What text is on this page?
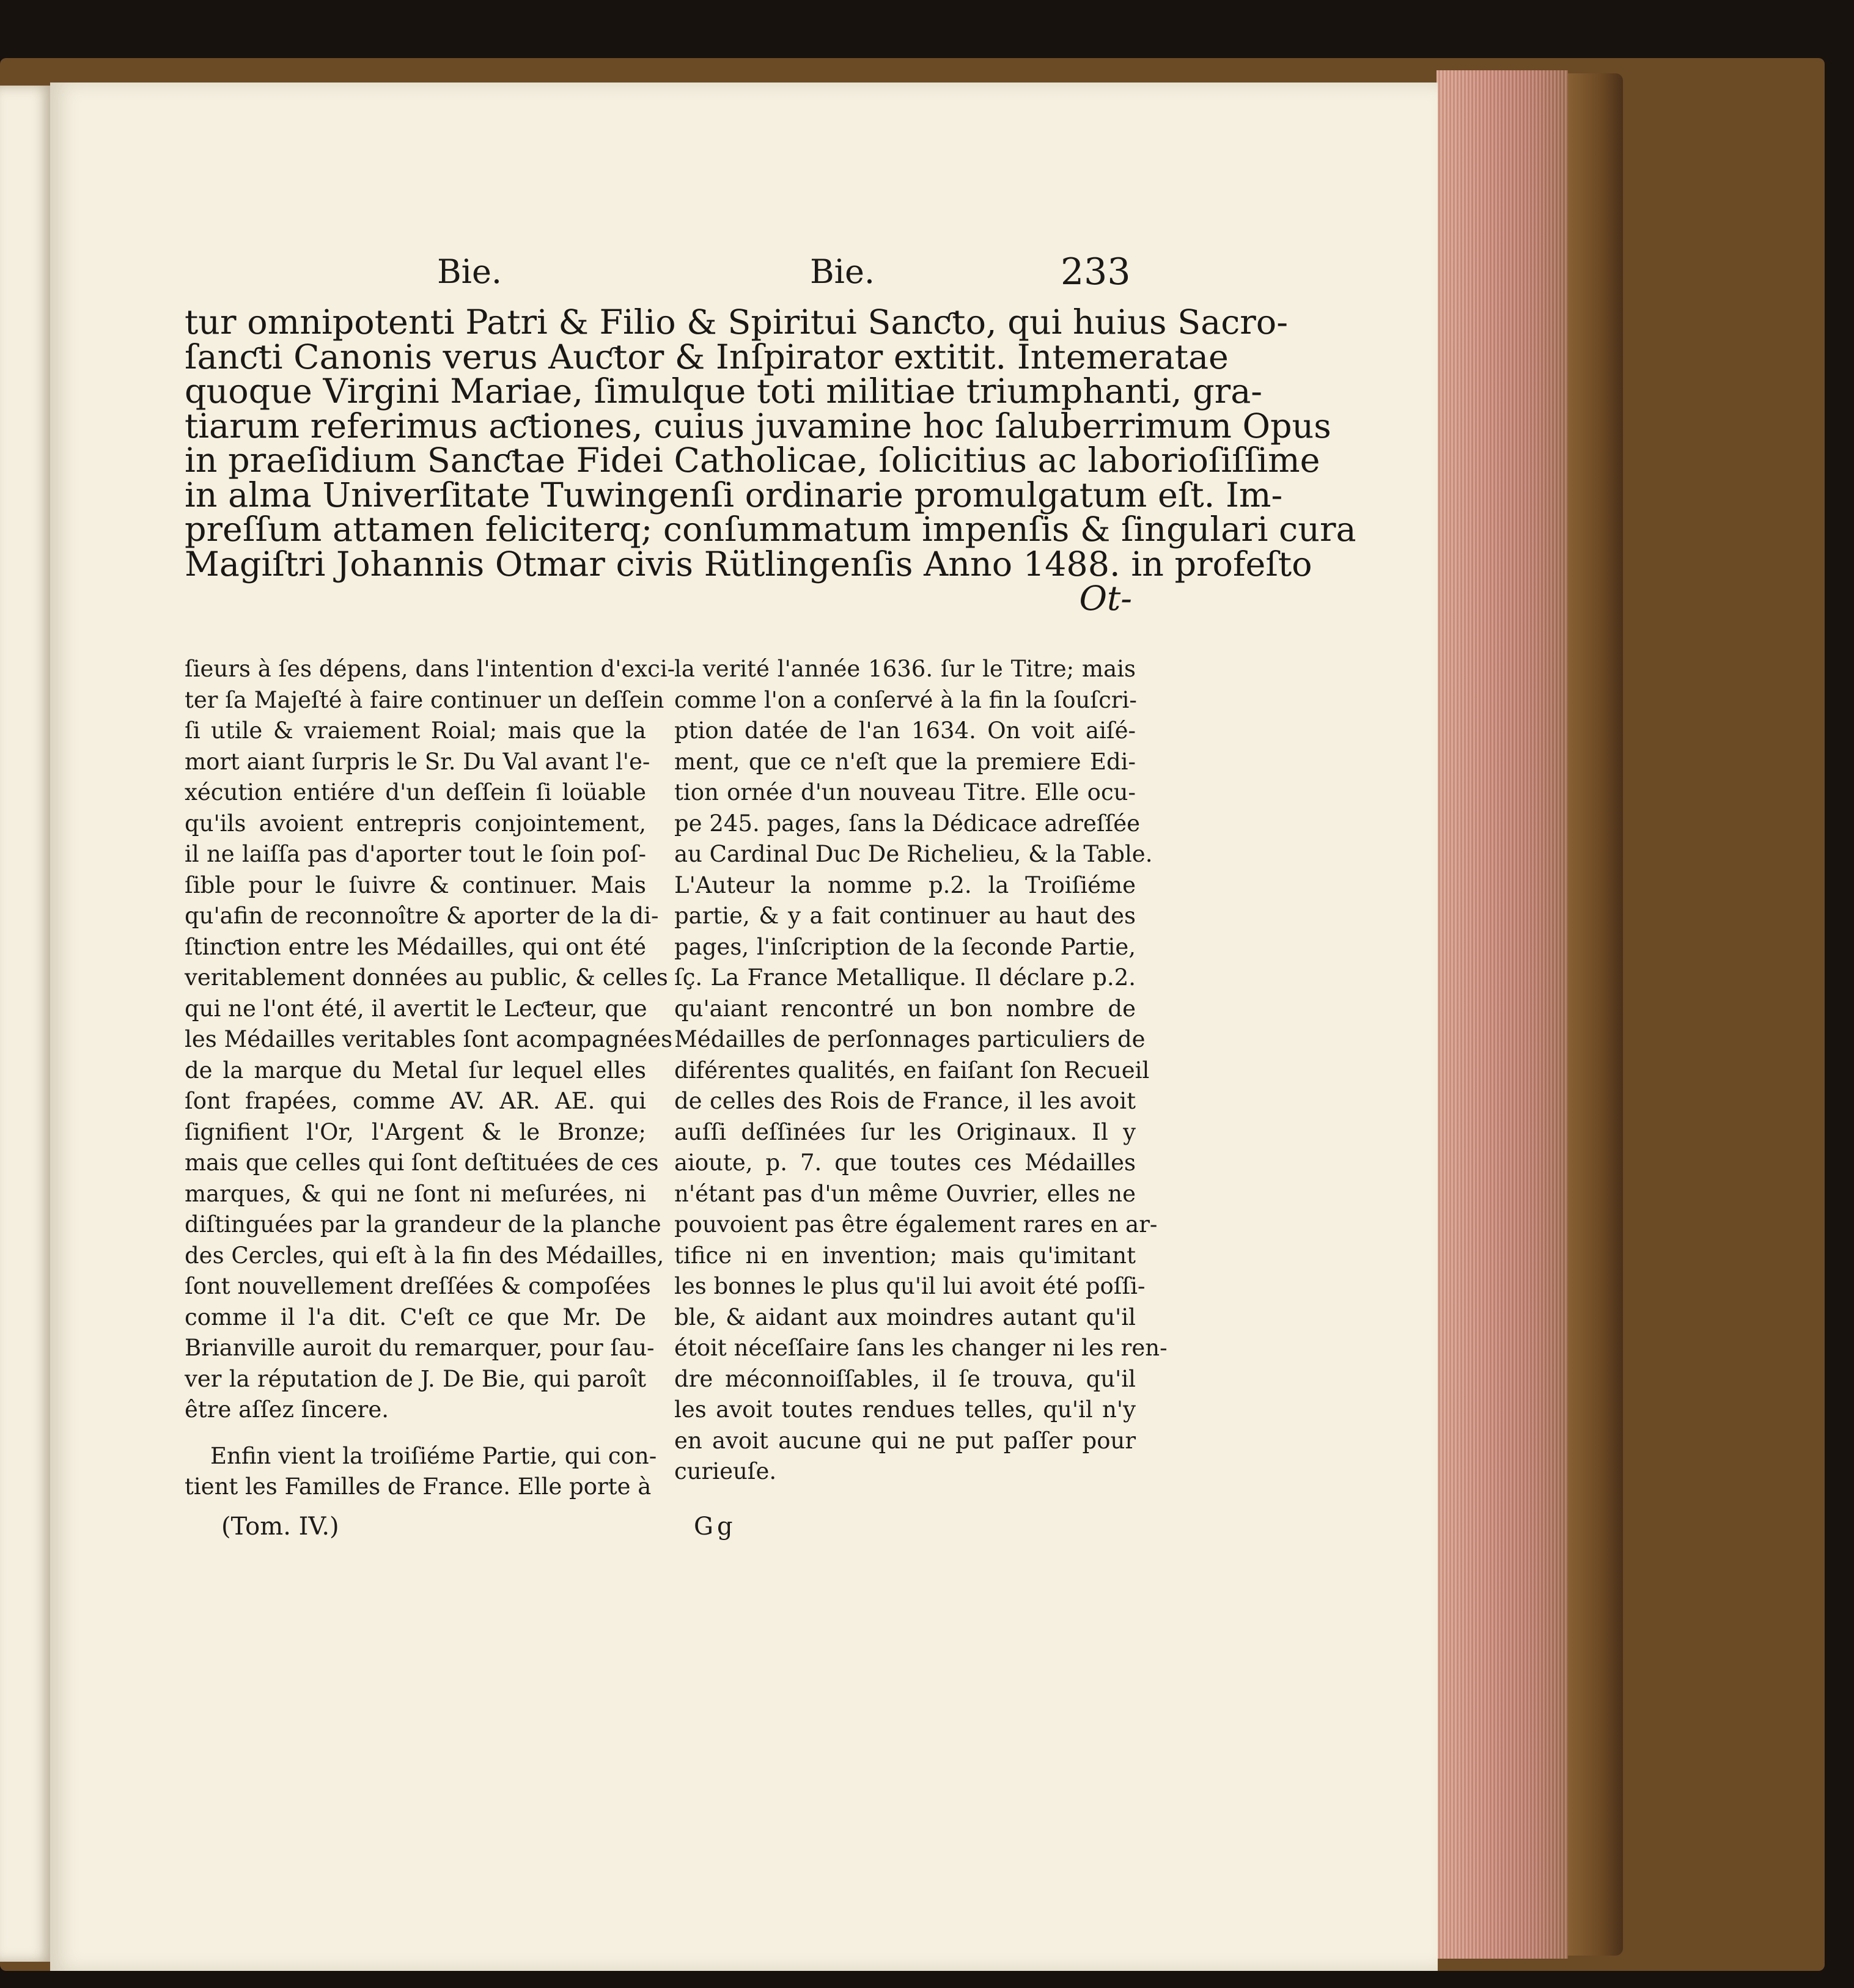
Bie.	Bie.	233
tur omnipotenti Patri & Filio & Spiritui Sanƈto, qui huius Sacro-
ſanƈti Canonis verus Auƈtor & Inſpirator extitit. Intemeratae
quoque Virgini Mariae, ſimulque toti militiae triumphanti, gra-
tiarum referimus aƈtiones, cuius juvamine hoc ſaluberrimum Opus
in praeſidium Sanƈtae Fidei Catholicae, ſolicitius ac laborioſiſſime
in alma Univerſitate Tuwingenſi ordinarie promulgatum eſt. Im-
preſſum attamen feliciterq; conſummatum impenſis & ſingulari cura
Magiſtri Johannis Otmar civis Rütlingenſis Anno 1488. in profeſto
Ot-
ſieurs à ſes dépens, dans l'intention d'exci-
ter ſa Majeſté à faire continuer un deſſein
ſi utile & vraiement Roial; mais que la
mort aiant ſurpris le Sr. Du Val avant l'e-
xécution entiére d'un deſſein ſi loüable
qu'ils avoient entrepris conjointement,
il ne laiſſa pas d'aporter tout le ſoin poſ-
ſible pour le ſuivre & continuer. Mais
qu'afin de reconnoître & aporter de la di-
ſtinƈtion entre les Médailles, qui ont été
veritablement données au public, & celles
qui ne l'ont été, il avertit le Leƈteur, que
les Médailles veritables ſont acompagnées
de la marque du Metal ſur lequel elles
ſont frapées, comme AV. AR. AE. qui
ſignifient l'Or, l'Argent & le Bronze;
mais que celles qui ſont deſtituées de ces
marques, & qui ne ſont ni meſurées, ni
diſtinguées par la grandeur de la planche
des Cercles, qui eſt à la fin des Médailles,
ſont nouvellement dreſſées & compoſées
comme il l'a dit. C'eſt ce que Mr. De
Brianville auroit du remarquer, pour ſau-
ver la réputation de J. De Bie, qui paroît
être aſſez ſincere.
Enfin vient la troiſiéme Partie, qui con-
tient les Familles de France. Elle porte à
la verité l'année 1636. ſur le Titre; mais
comme l'on a conſervé à la fin la ſouſcri-
ption datée de l'an 1634. On voit aiſé-
ment, que ce n'eſt que la premiere Edi-
tion ornée d'un nouveau Titre. Elle ocu-
pe 245. pages, ſans la Dédicace adreſſée
au Cardinal Duc De Richelieu, & la Table.
L'Auteur la nomme p.2. la Troiſiéme
partie, & y a fait continuer au haut des
pages, l'inſcription de la ſeconde Partie,
ſç. La France Metallique. Il déclare p.2.
qu'aiant rencontré un bon nombre de
Médailles de perſonnages particuliers de
diférentes qualités, en faiſant ſon Recueil
de celles des Rois de France, il les avoit
auſſi deſſinées ſur les Originaux. Il y
aioute, p. 7. que toutes ces Médailles
n'étant pas d'un même Ouvrier, elles ne
pouvoient pas être également rares en ar-
tifice ni en invention; mais qu'imitant
les bonnes le plus qu'il lui avoit été poſſi-
ble, & aidant aux moindres autant qu'il
étoit néceſſaire ſans les changer ni les ren-
dre méconnoiſſables, il ſe trouva, qu'il
les avoit toutes rendues telles, qu'il n'y
en avoit aucune qui ne put paſſer pour
curieuſe.
(Tom. IV.)	Gg
